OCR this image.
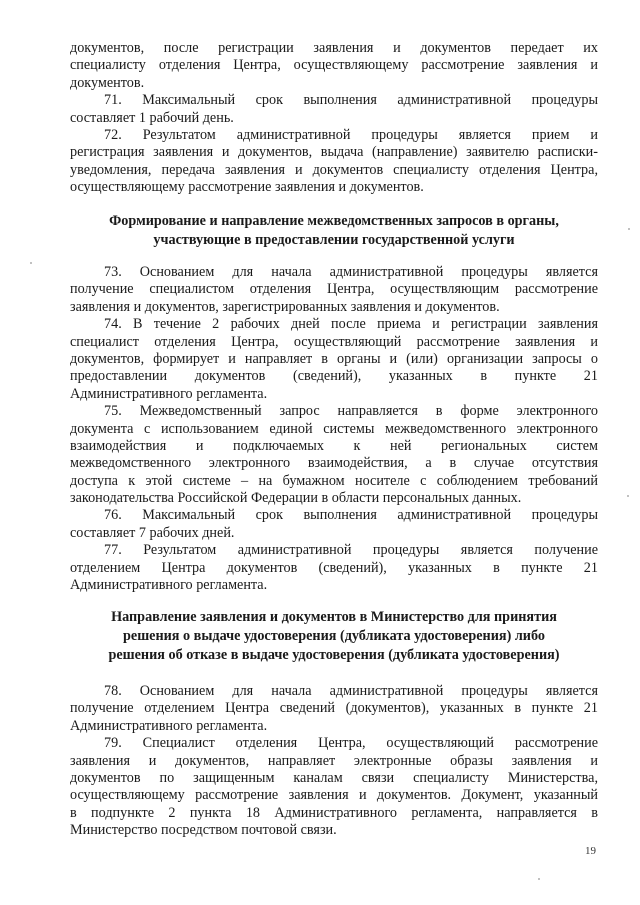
документов, после регистрации заявления и документов передает их
специалисту отделения Центра, осуществляющему рассмотрение заявления и
документов.
71. Максимальный срок выполнения административной процедуры
составляет 1 рабочий день.
72. Результатом административной процедуры является прием и
регистрация заявления и документов, выдача (направление) заявителю расписки-
уведомления, передача заявления и документов специалисту отделения Центра,
осуществляющему рассмотрение заявления и документов.
Формирование и направление межведомственных запросов в органы,
участвующие в предоставлении государственной услуги
73. Основанием для начала административной процедуры является
получение специалистом отделения Центра, осуществляющим рассмотрение
заявления и документов, зарегистрированных заявления и документов.
74. В течение 2 рабочих дней после приема и регистрации заявления
специалист отделения Центра, осуществляющий рассмотрение заявления и
документов, формирует и направляет в органы и (или) организации запросы о
предоставлении документов (сведений), указанных в пункте 21
Административного регламента.
75. Межведомственный запрос направляется в форме электронного
документа с использованием единой системы межведомственного электронного
взаимодействия и подключаемых к ней региональных систем
межведомственного электронного взаимодействия, а в случае отсутствия
доступа к этой системе – на бумажном носителе с соблюдением требований
законодательства Российской Федерации в области персональных данных.
76. Максимальный срок выполнения административной процедуры
составляет 7 рабочих дней.
77. Результатом административной процедуры является получение
отделением Центра документов (сведений), указанных в пункте 21
Административного регламента.
Направление заявления и документов в Министерство для принятия
решения о выдаче удостоверения (дубликата удостоверения) либо
решения об отказе в выдаче удостоверения (дубликата удостоверения)
78. Основанием для начала административной процедуры является
получение отделением Центра сведений (документов), указанных в пункте 21
Административного регламента.
79. Специалист отделения Центра, осуществляющий рассмотрение
заявления и документов, направляет электронные образы заявления и
документов по защищенным каналам связи специалисту Министерства,
осуществляющему рассмотрение заявления и документов. Документ, указанный
в подпункте 2 пункта 18 Административного регламента, направляется в
Министерство посредством почтовой связи.
19
